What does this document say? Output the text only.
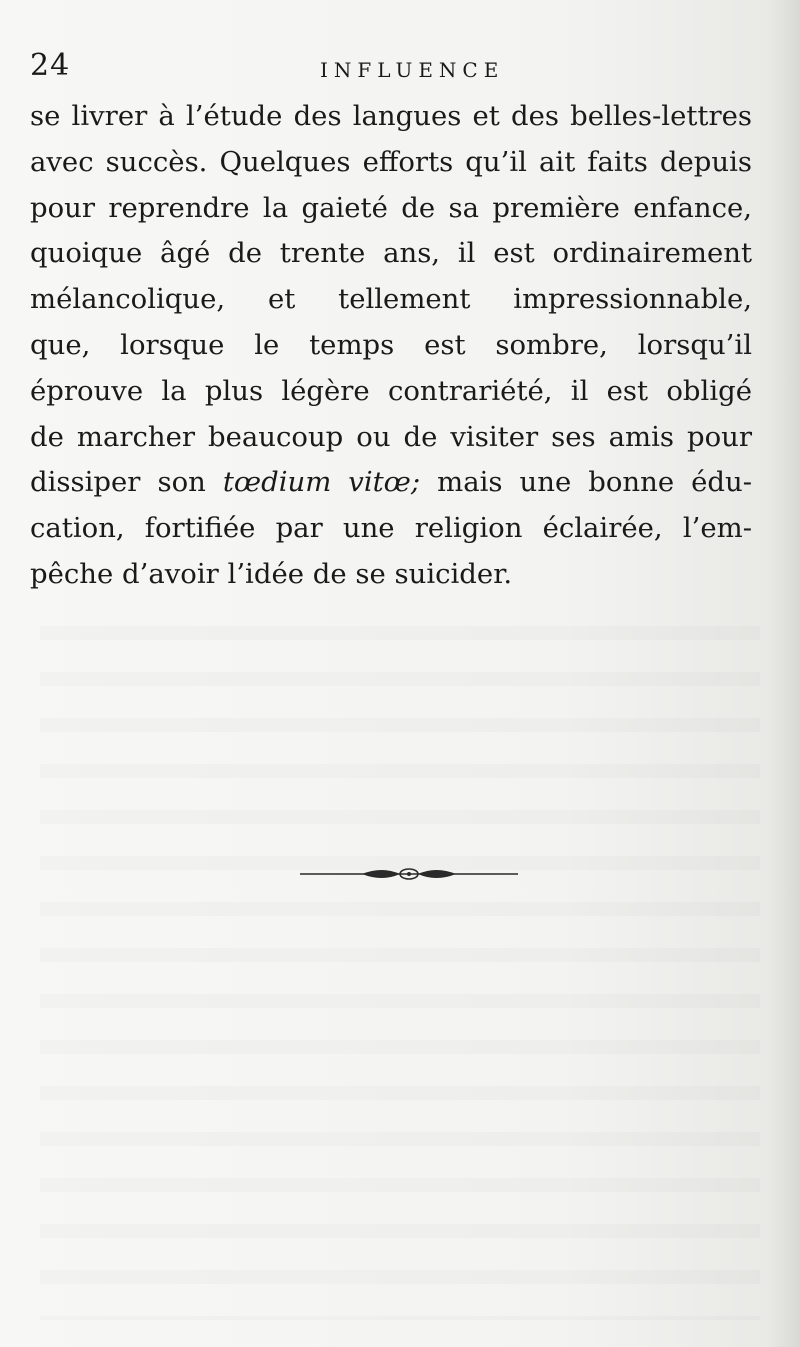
24	INFLUENCE
se livrer à l’étude des langues et des belles-lettres
avec succès. Quelques efforts qu’il ait faits depuis
pour reprendre la gaieté de sa première enfance,
quoique âgé de trente ans, il est ordinairement
mélancolique, et tellement impressionnable,
que, lorsque le temps est sombre, lorsqu’il
éprouve la plus légère contrariété, il est obligé
de marcher beaucoup ou de visiter ses amis pour
dissiper son tœdium vitœ; mais une bonne édu-
cation, fortifiée par une religion éclairée, l’em-
pêche d’avoir l’idée de se suicider.
